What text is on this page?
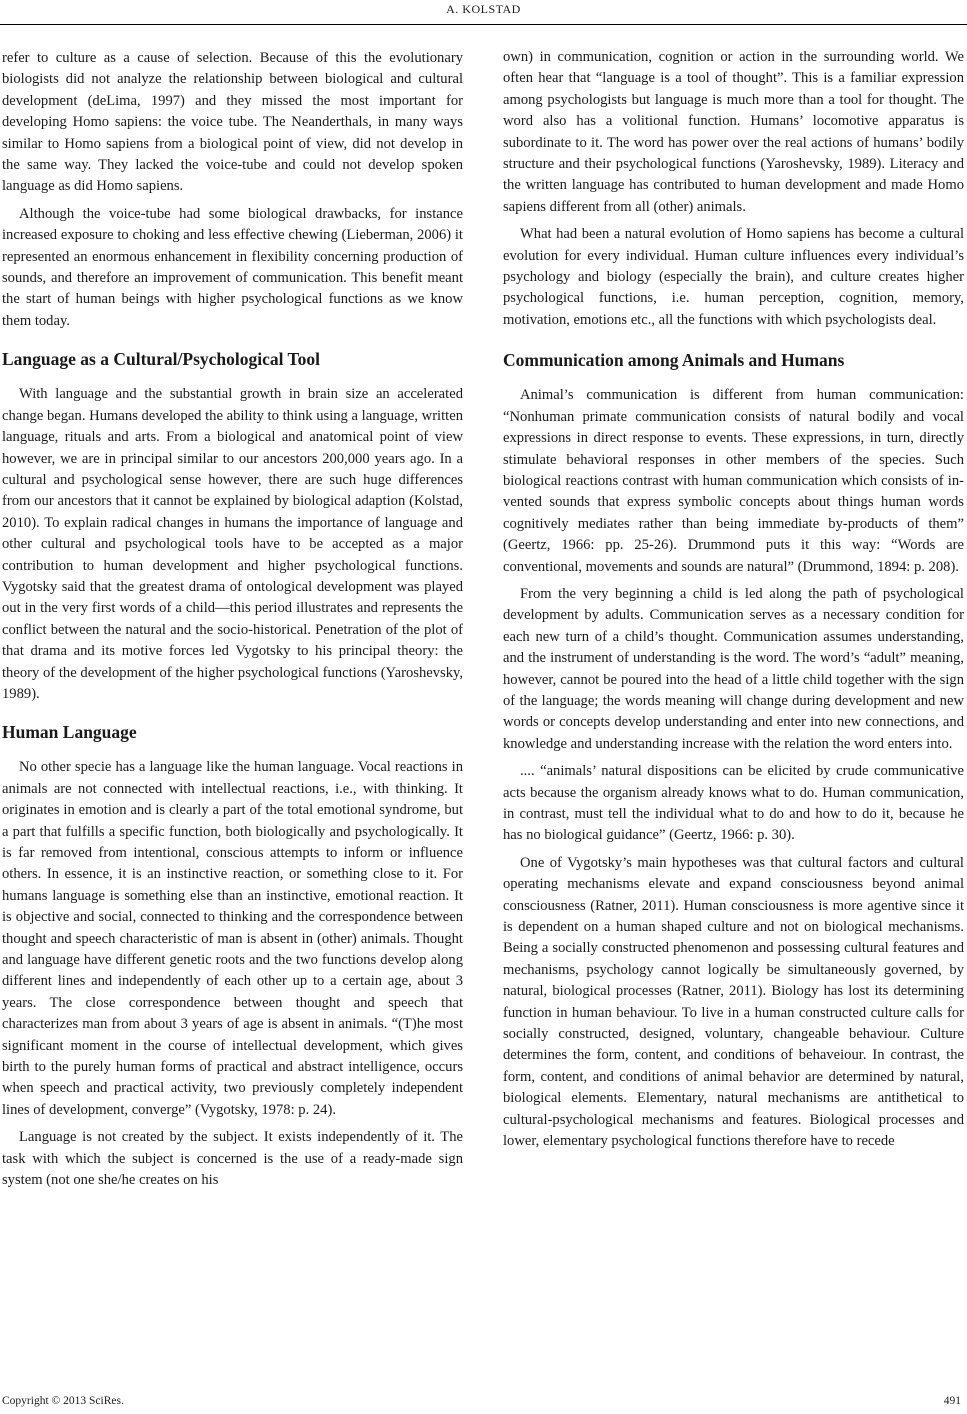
A. KOLSTAD

refer to culture as a cause of selection. Because of this the evolutionary biologists did not analyze the relationship between biological and cultural development (deLima, 1997) and they missed the most important for developing Homo sapiens: the voice tube. The Neanderthals, in many ways similar to Homo sapiens from a biological point of view, did not develop in the same way. They lacked the voice-tube and could not develop spoken language as did Homo sapiens.

Although the voice-tube had some biological drawbacks, for instance increased exposure to choking and less effective chewing (Lieberman, 2006) it represented an enormous enhancement in flexibility concerning production of sounds, and therefore an improvement of communication. This benefit meant the start of human beings with higher psychological functions as we know them today.

Language as a Cultural/Psychological Tool

With language and the substantial growth in brain size an accelerated change began. Humans developed the ability to think using a language, written language, rituals and arts. From a biological and anatomical point of view however, we are in principal similar to our ancestors 200,000 years ago. In a cultural and psychological sense however, there are such huge differences from our ancestors that it cannot be explained by biological adaption (Kolstad, 2010). To explain radical changes in humans the importance of language and other cultural and psychological tools have to be accepted as a major contribution to human development and higher psychological functions. Vygotsky said that the greatest drama of ontological development was played out in the very first words of a child—this period illustrates and represents the conflict between the natural and the socio-historical. Penetration of the plot of that drama and its motive forces led Vygotsky to his principal theory: the theory of the development of the higher psychological functions (Yaroshevsky, 1989).

Human Language

No other specie has a language like the human language. Vocal reactions in animals are not connected with intellectual reactions, i.e., with thinking. It originates in emotion and is clearly a part of the total emotional syndrome, but a part that fulfills a specific function, both biologically and psychologically. It is far removed from intentional, conscious attempts to inform or influence others. In essence, it is an instinctive reaction, or something close to it. For humans language is something else than an instinctive, emotional reaction. It is objective and social, connected to thinking and the correspondence between thought and speech characteristic of man is absent in (other) animals. Thought and language have different genetic roots and the two functions develop along different lines and independently of each other up to a certain age, about 3 years. The close correspondence between thought and speech that characterizes man from about 3 years of age is absent in animals. “(T)he most significant moment in the course of intellectual development, which gives birth to the purely human forms of practical and abstract intelligence, occurs when speech and practical activity, two previously completely independent lines of development, converge” (Vygotsky, 1978: p. 24).

Language is not created by the subject. It exists independently of it. The task with which the subject is concerned is the use of a ready-made sign system (not one she/he creates on his

own) in communication, cognition or action in the surrounding world. We often hear that “language is a tool of thought”. This is a familiar expression among psychologists but language is much more than a tool for thought. The word also has a volitional function. Humans’ locomotive apparatus is subordinate to it. The word has power over the real actions of humans’ bodily structure and their psychological functions (Yaroshevsky, 1989). Literacy and the written language has contributed to human development and made Homo sapiens different from all (other) animals.

What had been a natural evolution of Homo sapiens has become a cultural evolution for every individual. Human culture influences every individual’s psychology and biology (especially the brain), and culture creates higher psychological functions, i.e. human perception, cognition, memory, motivation, emotions etc., all the functions with which psychologists deal.

Communication among Animals and Humans

Animal’s communication is different from human communication: “Nonhuman primate communication consists of natural bodily and vocal expressions in direct response to events. These expressions, in turn, directly stimulate behavioral responses in other members of the species. Such biological reactions contrast with human communication which consists of invented sounds that express symbolic concepts about things human words cognitively mediates rather than being immediate by-products of them” (Geertz, 1966: pp. 25-26). Drummond puts it this way: “Words are conventional, movements and sounds are natural” (Drummond, 1894: p. 208).

From the very beginning a child is led along the path of psychological development by adults. Communication serves as a necessary condition for each new turn of a child’s thought. Communication assumes understanding, and the instrument of understanding is the word. The word’s “adult” meaning, however, cannot be poured into the head of a little child together with the sign of the language; the words meaning will change during development and new words or concepts develop understanding and enter into new connections, and knowledge and understanding increase with the relation the word enters into.

.... “animals’ natural dispositions can be elicited by crude communicative acts because the organism already knows what to do. Human communication, in contrast, must tell the individual what to do and how to do it, because he has no biological guidance” (Geertz, 1966: p. 30).

One of Vygotsky’s main hypotheses was that cultural factors and cultural operating mechanisms elevate and expand consciousness beyond animal consciousness (Ratner, 2011). Human consciousness is more agentive since it is dependent on a human shaped culture and not on biological mechanisms. Being a socially constructed phenomenon and possessing cultural features and mechanisms, psychology cannot logically be simultaneously governed, by natural, biological processes (Ratner, 2011). Biology has lost its determining function in human behaviour. To live in a human constructed culture calls for socially constructed, designed, voluntary, changeable behaviour. Culture determines the form, content, and conditions of behaveiour. In contrast, the form, content, and conditions of animal behavior are determined by natural, biological elements. Elementary, natural mechanisms are antithetical to cultural-psychological mechanisms and features. Biological processes and lower, elementary psychological functions therefore have to recede

Copyright © 2013 SciRes.	491
